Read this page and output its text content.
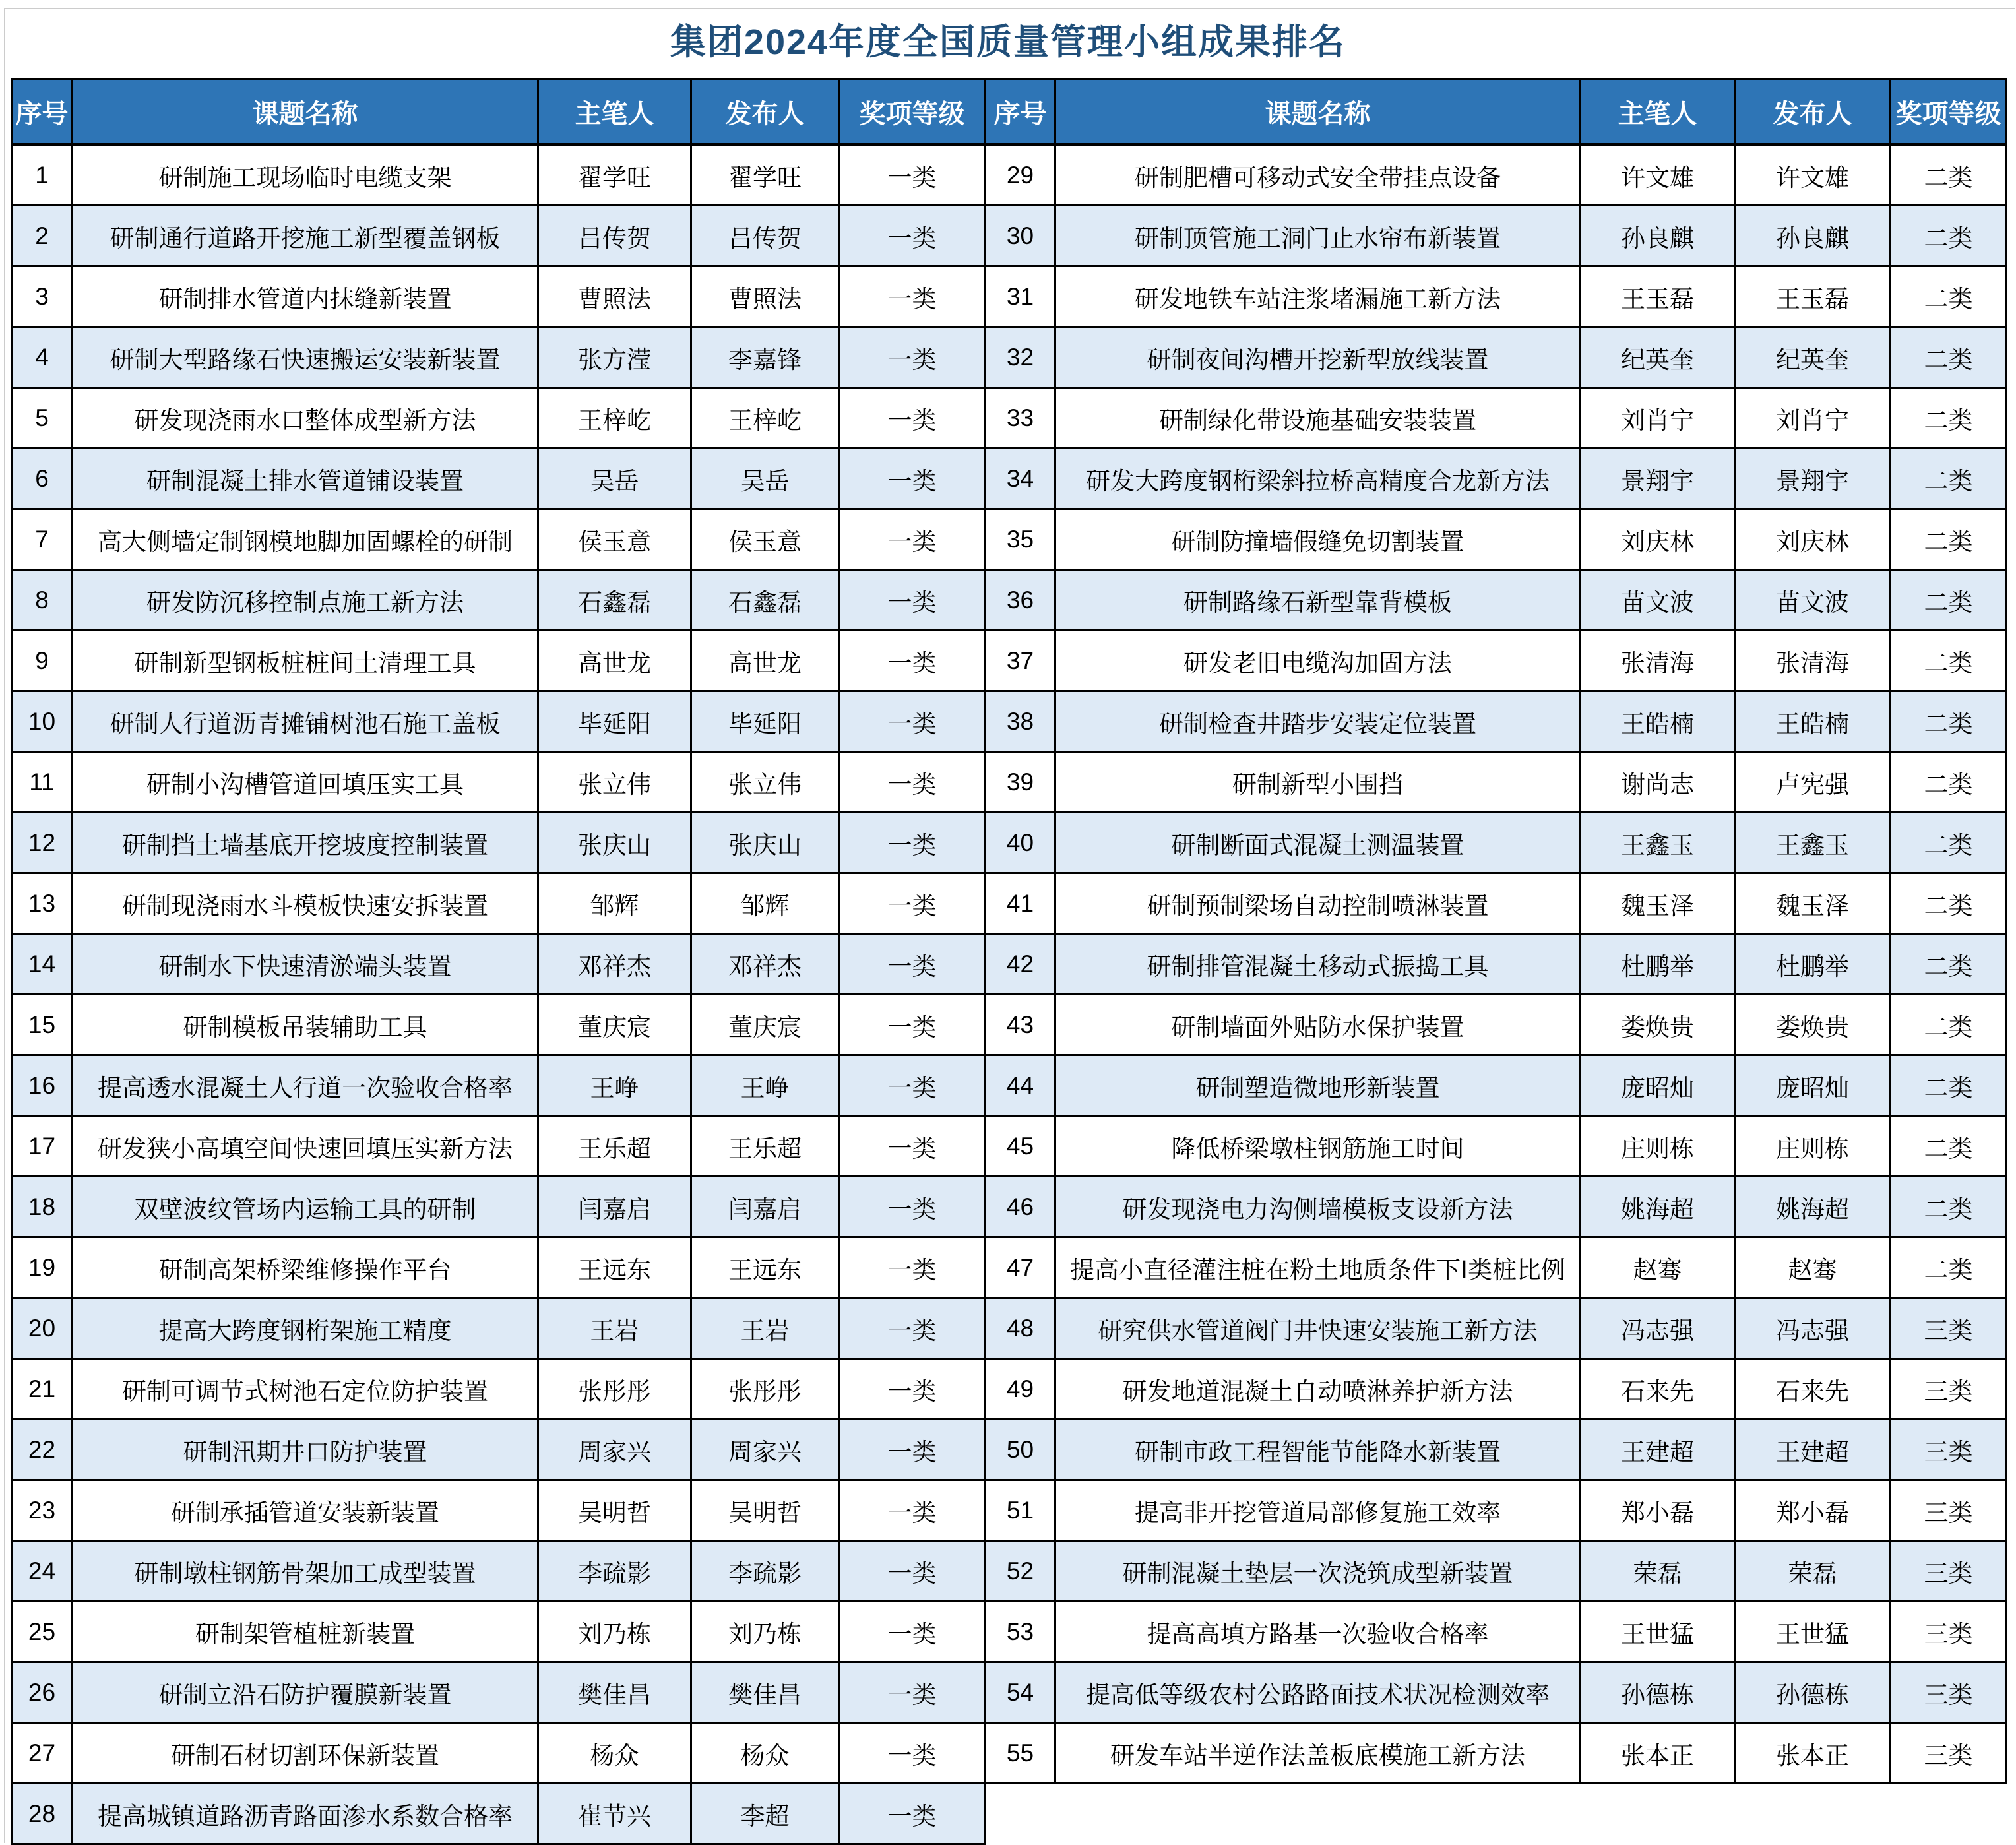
集团2024年度全国质量管理小组成果排名
序号	课题名称	主笔人	发布人	奖项等级
1	研制施工现场临时电缆支架	翟学旺	翟学旺	一类
2	研制通行道路开挖施工新型覆盖钢板	吕传贺	吕传贺	一类
3	研制排水管道内抹缝新装置	曹照法	曹照法	一类
4	研制大型路缘石快速搬运安装新装置	张方滢	李嘉锋	一类
5	研发现浇雨水口整体成型新方法	王梓屹	王梓屹	一类
6	研制混凝土排水管道铺设装置	吴岳	吴岳	一类
7	高大侧墙定制钢模地脚加固螺栓的研制	侯玉意	侯玉意	一类
8	研发防沉移控制点施工新方法	石鑫磊	石鑫磊	一类
9	研制新型钢板桩桩间土清理工具	高世龙	高世龙	一类
10	研制人行道沥青摊铺树池石施工盖板	毕延阳	毕延阳	一类
11	研制小沟槽管道回填压实工具	张立伟	张立伟	一类
12	研制挡土墙基底开挖坡度控制装置	张庆山	张庆山	一类
13	研制现浇雨水斗模板快速安拆装置	邹辉	邹辉	一类
14	研制水下快速清淤端头装置	邓祥杰	邓祥杰	一类
15	研制模板吊装辅助工具	董庆宸	董庆宸	一类
16	提高透水混凝土人行道一次验收合格率	王峥	王峥	一类
17	研发狭小高填空间快速回填压实新方法	王乐超	王乐超	一类
18	双壁波纹管场内运输工具的研制	闫嘉启	闫嘉启	一类
19	研制高架桥梁维修操作平台	王远东	王远东	一类
20	提高大跨度钢桁架施工精度	王岩	王岩	一类
21	研制可调节式树池石定位防护装置	张彤彤	张彤彤	一类
22	研制汛期井口防护装置	周家兴	周家兴	一类
23	研制承插管道安装新装置	吴明哲	吴明哲	一类
24	研制墩柱钢筋骨架加工成型装置	李疏影	李疏影	一类
25	研制架管植桩新装置	刘乃栋	刘乃栋	一类
26	研制立沿石防护覆膜新装置	樊佳昌	樊佳昌	一类
27	研制石材切割环保新装置	杨众	杨众	一类
28	提高城镇道路沥青路面渗水系数合格率	崔节兴	李超	一类
序号	课题名称	主笔人	发布人	奖项等级
29	研制肥槽可移动式安全带挂点设备	许文雄	许文雄	二类
30	研制顶管施工洞门止水帘布新装置	孙良麒	孙良麒	二类
31	研发地铁车站注浆堵漏施工新方法	王玉磊	王玉磊	二类
32	研制夜间沟槽开挖新型放线装置	纪英奎	纪英奎	二类
33	研制绿化带设施基础安装装置	刘肖宁	刘肖宁	二类
34	研发大跨度钢桁梁斜拉桥高精度合龙新方法	景翔宇	景翔宇	二类
35	研制防撞墙假缝免切割装置	刘庆林	刘庆林	二类
36	研制路缘石新型靠背模板	苗文波	苗文波	二类
37	研发老旧电缆沟加固方法	张清海	张清海	二类
38	研制检查井踏步安装定位装置	王皓楠	王皓楠	二类
39	研制新型小围挡	谢尚志	卢宪强	二类
40	研制断面式混凝土测温装置	王鑫玉	王鑫玉	二类
41	研制预制梁场自动控制喷淋装置	魏玉泽	魏玉泽	二类
42	研制排管混凝土移动式振捣工具	杜鹏举	杜鹏举	二类
43	研制墙面外贴防水保护装置	娄焕贵	娄焕贵	二类
44	研制塑造微地形新装置	庞昭灿	庞昭灿	二类
45	降低桥梁墩柱钢筋施工时间	庄则栋	庄则栋	二类
46	研发现浇电力沟侧墙模板支设新方法	姚海超	姚海超	二类
47	提高小直径灌注桩在粉土地质条件下Ⅰ类桩比例	赵骞	赵骞	二类
48	研究供水管道阀门井快速安装施工新方法	冯志强	冯志强	三类
49	研发地道混凝土自动喷淋养护新方法	石来先	石来先	三类
50	研制市政工程智能节能降水新装置	王建超	王建超	三类
51	提高非开挖管道局部修复施工效率	郑小磊	郑小磊	三类
52	研制混凝土垫层一次浇筑成型新装置	荣磊	荣磊	三类
53	提高高填方路基一次验收合格率	王世猛	王世猛	三类
54	提高低等级农村公路路面技术状况检测效率	孙德栋	孙德栋	三类
55	研发车站半逆作法盖板底模施工新方法	张本正	张本正	三类
